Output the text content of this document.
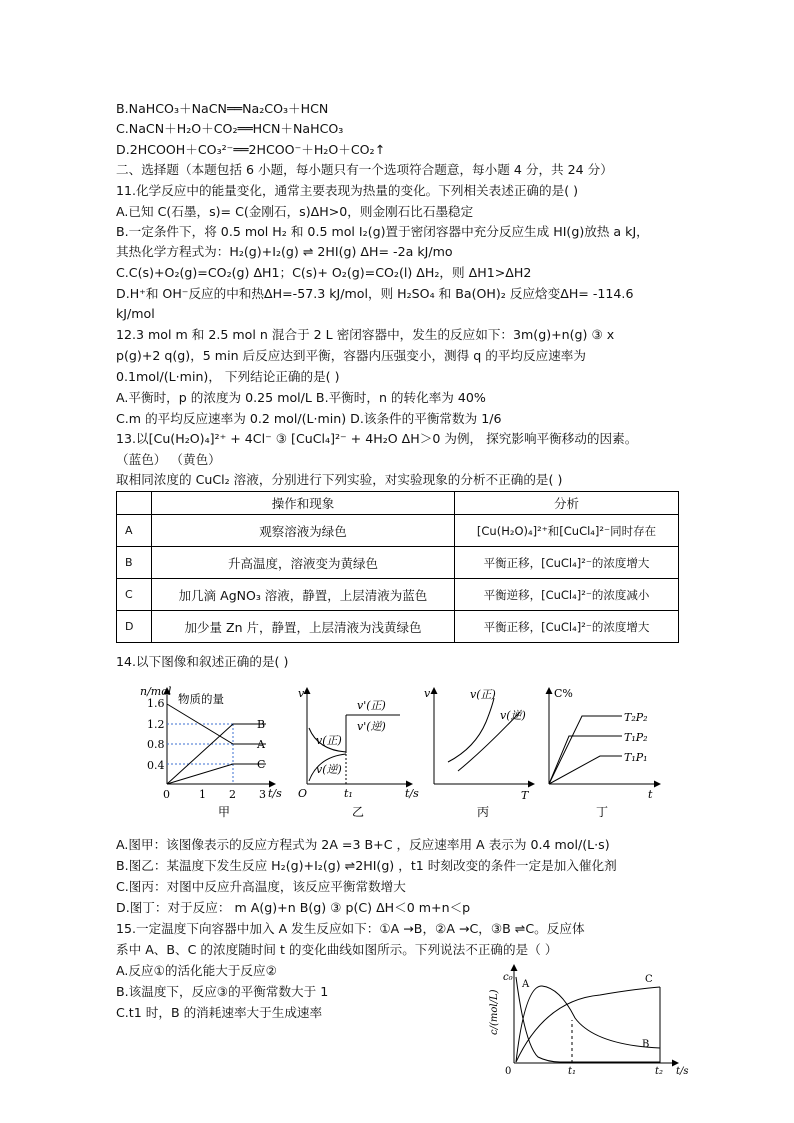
B.NaHCO₃＋NaCN══Na₂CO₃＋HCN
C.NaCN＋H₂O＋CO₂══HCN＋NaHCO₃
D.2HCOOH＋CO₃²⁻══2HCOO⁻＋H₂O＋CO₂↑
二、选择题（本题包括 6 小题，每小题只有一个选项符合题意，每小题 4 分，共 24 分）
11.化学反应中的能量变化，通常主要表现为热量的变化。下列相关表述正确的是( )
A.已知 C(石墨，s)= C(金刚石，s)ΔH>0，则金刚石比石墨稳定
B.一定条件下，将 0.5 mol H₂ 和 0.5 mol I₂(g)置于密闭容器中充分反应生成 HI(g)放热 a kJ，
其热化学方程式为：H₂(g)+I₂(g) ⇌ 2HI(g) ΔH= -2a kJ/mo
C.C(s)+O₂(g)=CO₂(g) ΔH1；C(s)+ O₂(g)=CO₂(l) ΔH₂，则 ΔH1>ΔH2
D.H⁺和 OH⁻反应的中和热ΔH=-57.3 kJ/mol，则 H₂SO₄ 和 Ba(OH)₂ 反应焓变ΔH= -114.6
kJ/mol
12.3 mol m 和 2.5 mol n 混合于 2 L 密闭容器中，发生的反应如下：3m(g)+n(g) ③ x
p(g)+2 q(g)，5 min 后反应达到平衡，容器内压强变小，测得 q 的平均反应速率为
0.1mol/(L·min)， 下列结论正确的是( )
A.平衡时，p 的浓度为 0.25 mol/L B.平衡时，n 的转化率为 40%
C.m 的平均反应速率为 0.2 mol/(L·min) D.该条件的平衡常数为 1/6
13.以[Cu(H₂O)₄]²⁺ + 4Cl⁻ ③ [CuCl₄]²⁻ + 4H₂O ΔH＞0 为例， 探究影响平衡移动的因素。
（蓝色） （黄色）
取相同浓度的 CuCl₂ 溶液，分别进行下列实验，对实验现象的分析不正确的是( )
14.以下图像和叙述正确的是( )
A.图甲：该图像表示的反应方程式为 2A =3 B+C ，反应速率用 A 表示为 0.4 mol/(L·s)
B.图乙：某温度下发生反应 H₂(g)+I₂(g) ⇌2HI(g) ，t1 时刻改变的条件一定是加入催化剂
C.图丙：对图中反应升高温度，该反应平衡常数增大
D.图丁：对于反应： m A(g)+n B(g) ③ p(C) ΔH＜0 m+n＜p
15.一定温度下向容器中加入 A 发生反应如下：①A →B，②A →C，③B ⇌C。反应体
系中 A、B、C 的浓度随时间 t 的变化曲线如图所示。下列说法不正确的是（ ）
A.反应①的活化能大于反应②
B.该温度下，反应③的平衡常数大于 1
C.t1 时，B 的消耗速率大于生成速率
	操作和现象	分析
A	观察溶液为绿色	[Cu(H₂O)₄]²⁺和[CuCl₄]²⁻同时存在
B	升高温度，溶液变为黄绿色	平衡正移，[CuCl₄]²⁻的浓度增大
C	加几滴 AgNO₃ 溶液，静置，上层清液为蓝色	平衡逆移，[CuCl₄]²⁻的浓度减小
D	加少量 Zn 片，静置，上层清液为浅黄绿色	平衡正移，[CuCl₄]²⁻的浓度增大
n/mol
物质的量
1.6
1.2
0.8
0.4
0	1 2 3 t/s
B
A
C
甲
v
O	t₁	t/s
v'(正)
v'(逆)
v(正)
v(逆)
乙
v
T
v(正)
v(逆)
丙
C%
t
T₂P₂
T₁P₂
T₁P₁
丁
c/(mol/L)
c₀
0	t₁	t₂ t/s
A	C
B
